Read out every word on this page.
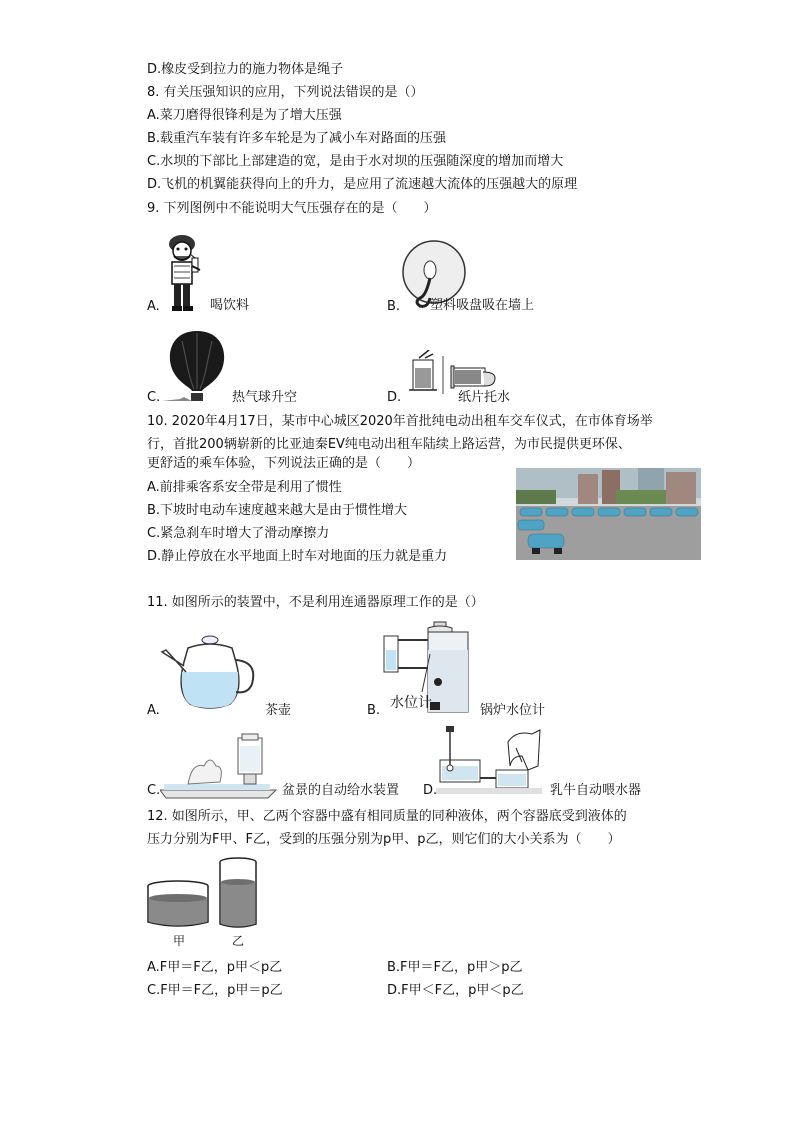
D.橡皮受到拉力的施力物体是绳子
8. 有关压强知识的应用，下列说法错误的是（）
A.菜刀磨得很锋利是为了增大压强
B.载重汽车装有许多车轮是为了减小车对路面的压强
C.水坝的下部比上部建造的宽，是由于水对坝的压强随深度的增加而增大
D.飞机的机翼能获得向上的升力，是应用了流速越大流体的压强越大的原理
9. 下列图例中不能说明大气压强存在的是（　　）
A.	喝饮料	B. 塑料吸盘吸在墙上
C.	热气球升空	D.	纸片托水
10. 2020年4月17日，某市中心城区2020年首批纯电动出租车交车仪式，在市体育场举
行，首批200辆崭新的比亚迪秦EV纯电动出租车陆续上路运营，为市民提供更环保、
更舒适的乘车体验，下列说法正确的是（　　）
A.前排乘客系安全带是利用了惯性
B.下坡时电动车速度越来越大是由于惯性增大
C.紧急刹车时增大了滑动摩擦力
D.静止停放在水平地面上时车对地面的压力就是重力
11. 如图所示的装置中，不是利用连通器原理工作的是（）
A.	茶壶	水位计
B.	锅炉水位计
C.	盆景的自动给水装置 D.	乳牛自动喂水器
12. 如图所示，甲、乙两个容器中盛有相同质量的同种液体，两个容器底受到液体的
压力分别为F甲、F乙，受到的压强分别为p甲、p乙，则它们的大小关系为（　　）
甲	乙
A.F甲＝F乙，p甲＜p乙	B.F甲＝F乙，p甲＞p乙
C.F甲＝F乙，p甲＝p乙	D.F甲＜F乙，p甲＜p乙
